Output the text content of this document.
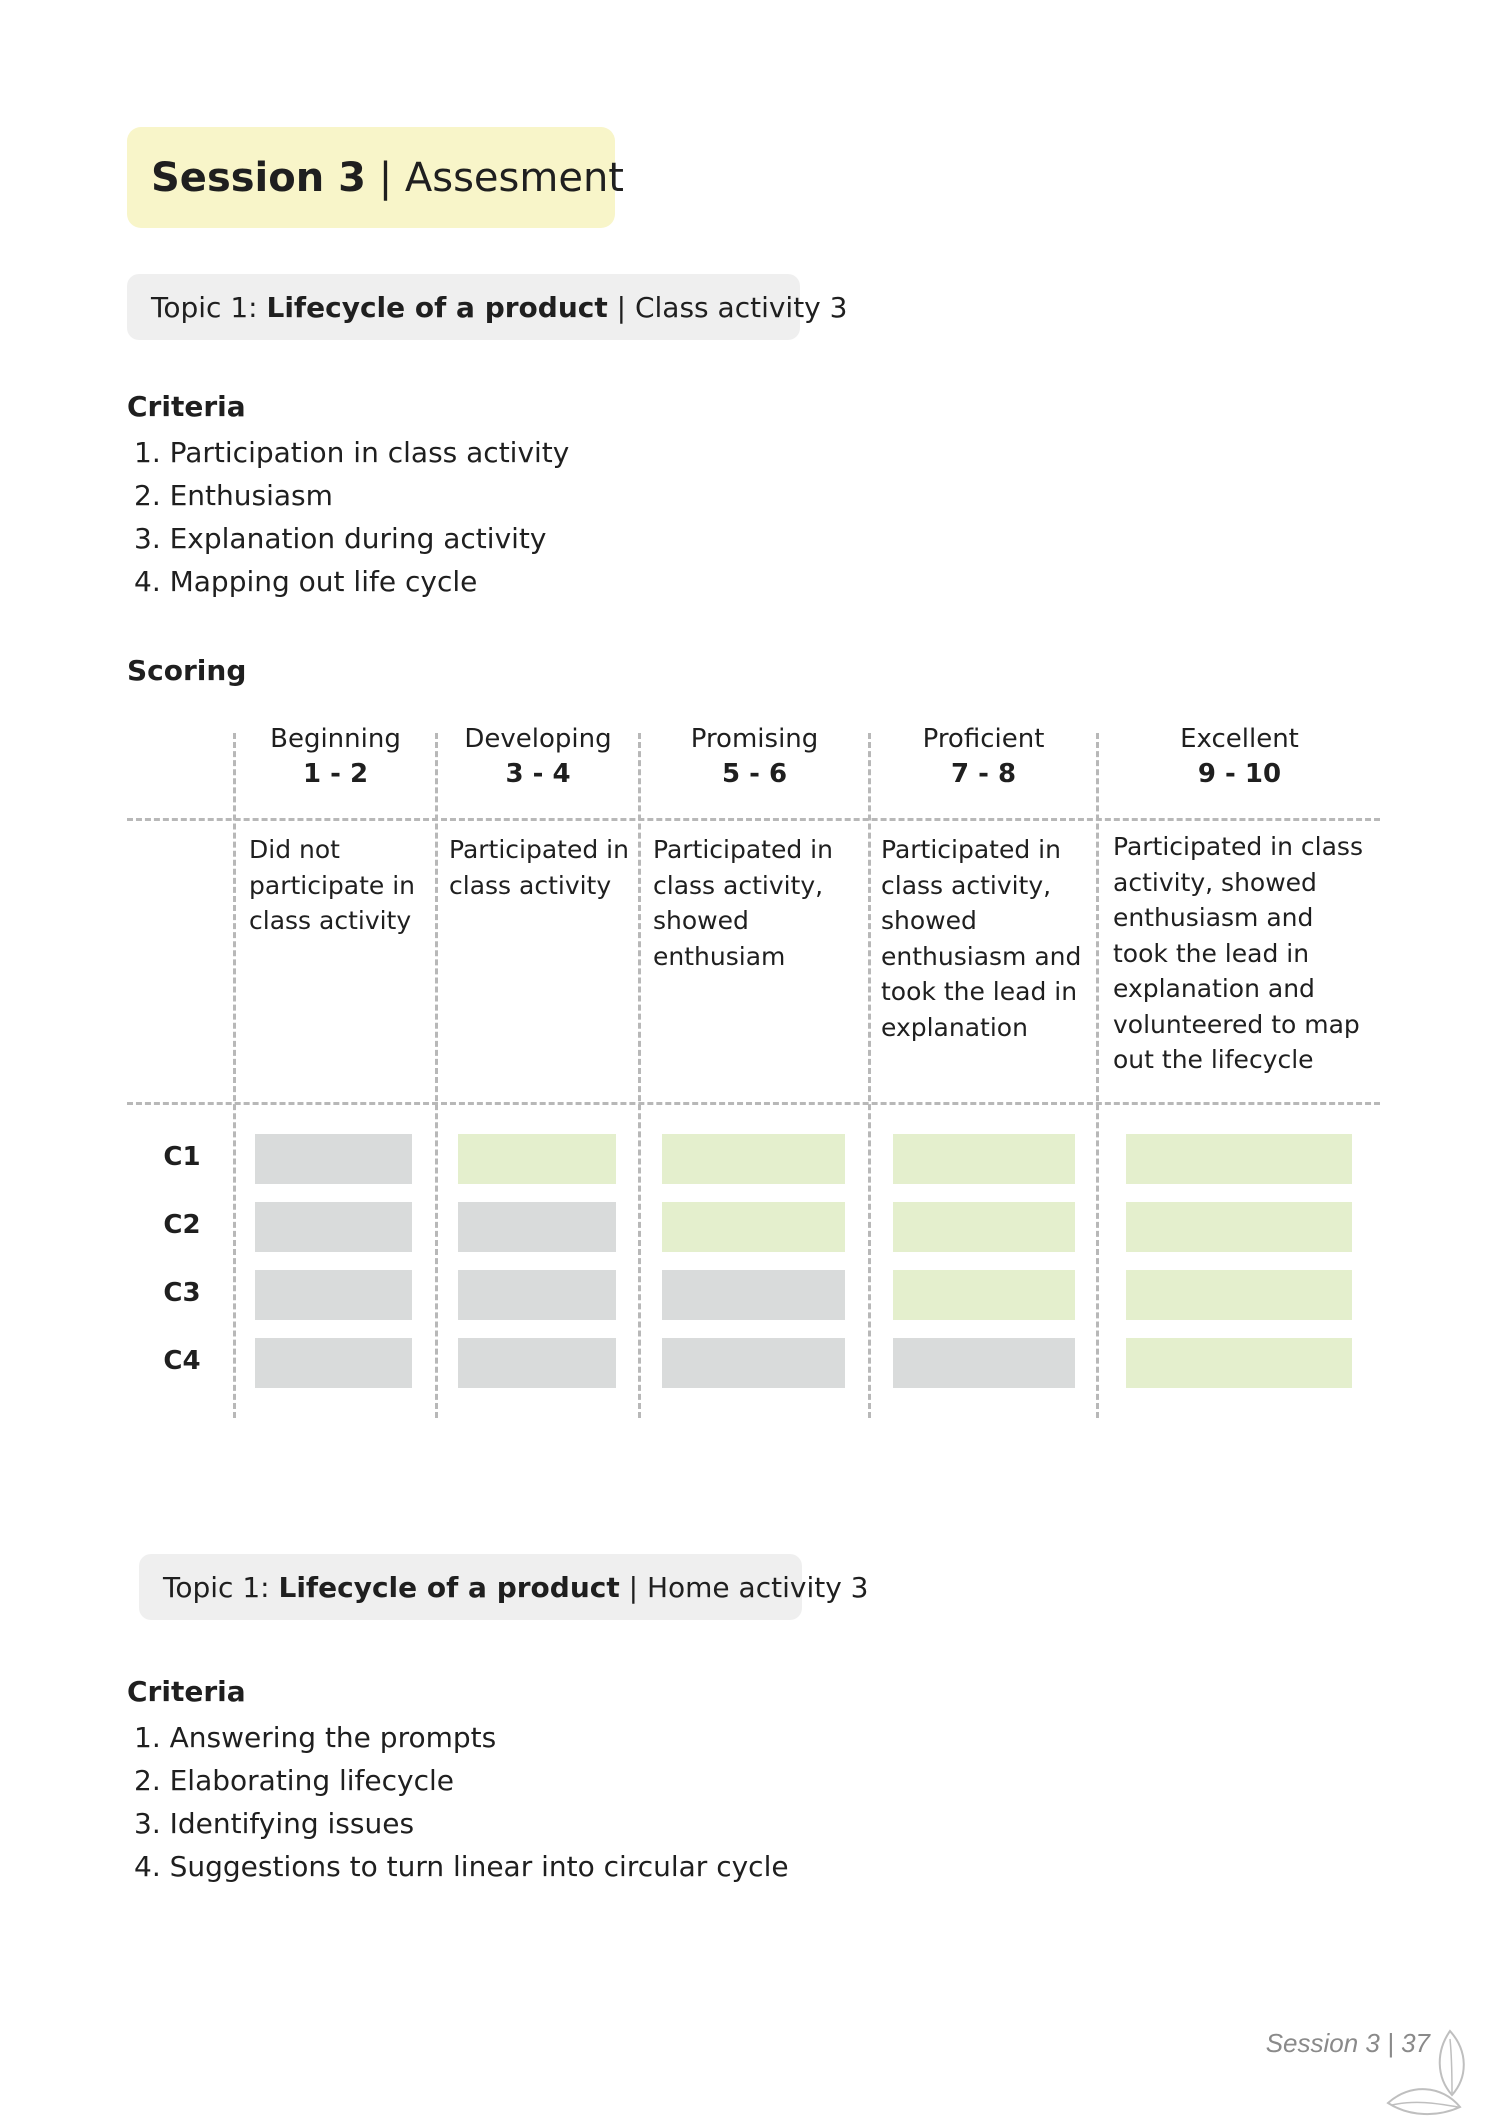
Session 3 | Assesment
Topic 1: Lifecycle of a product | Class activity 3
Criteria
1. Participation in class activity
2. Enthusiasm
3. Explanation during activity
4. Mapping out life cycle
Scoring
Beginning
1 - 2
Developing
3 - 4
Promising
5 - 6
Proficient
7 - 8
Excellent
9 - 10
Did not participate in class activity
Participated in class activity
Participated in class activity, showed enthusiam
Participated in class activity, showed enthusiasm and took the lead in explanation
Participated in class activity, showed enthusiasm and took the lead in explanation and volunteered to map out the lifecycle
C1
C2
C3
C4
Topic 1: Lifecycle of a product | Home activity 3
Criteria
1. Answering the prompts
2. Elaborating lifecycle
3. Identifying issues
4. Suggestions to turn linear into circular cycle
Session 3 | 37
